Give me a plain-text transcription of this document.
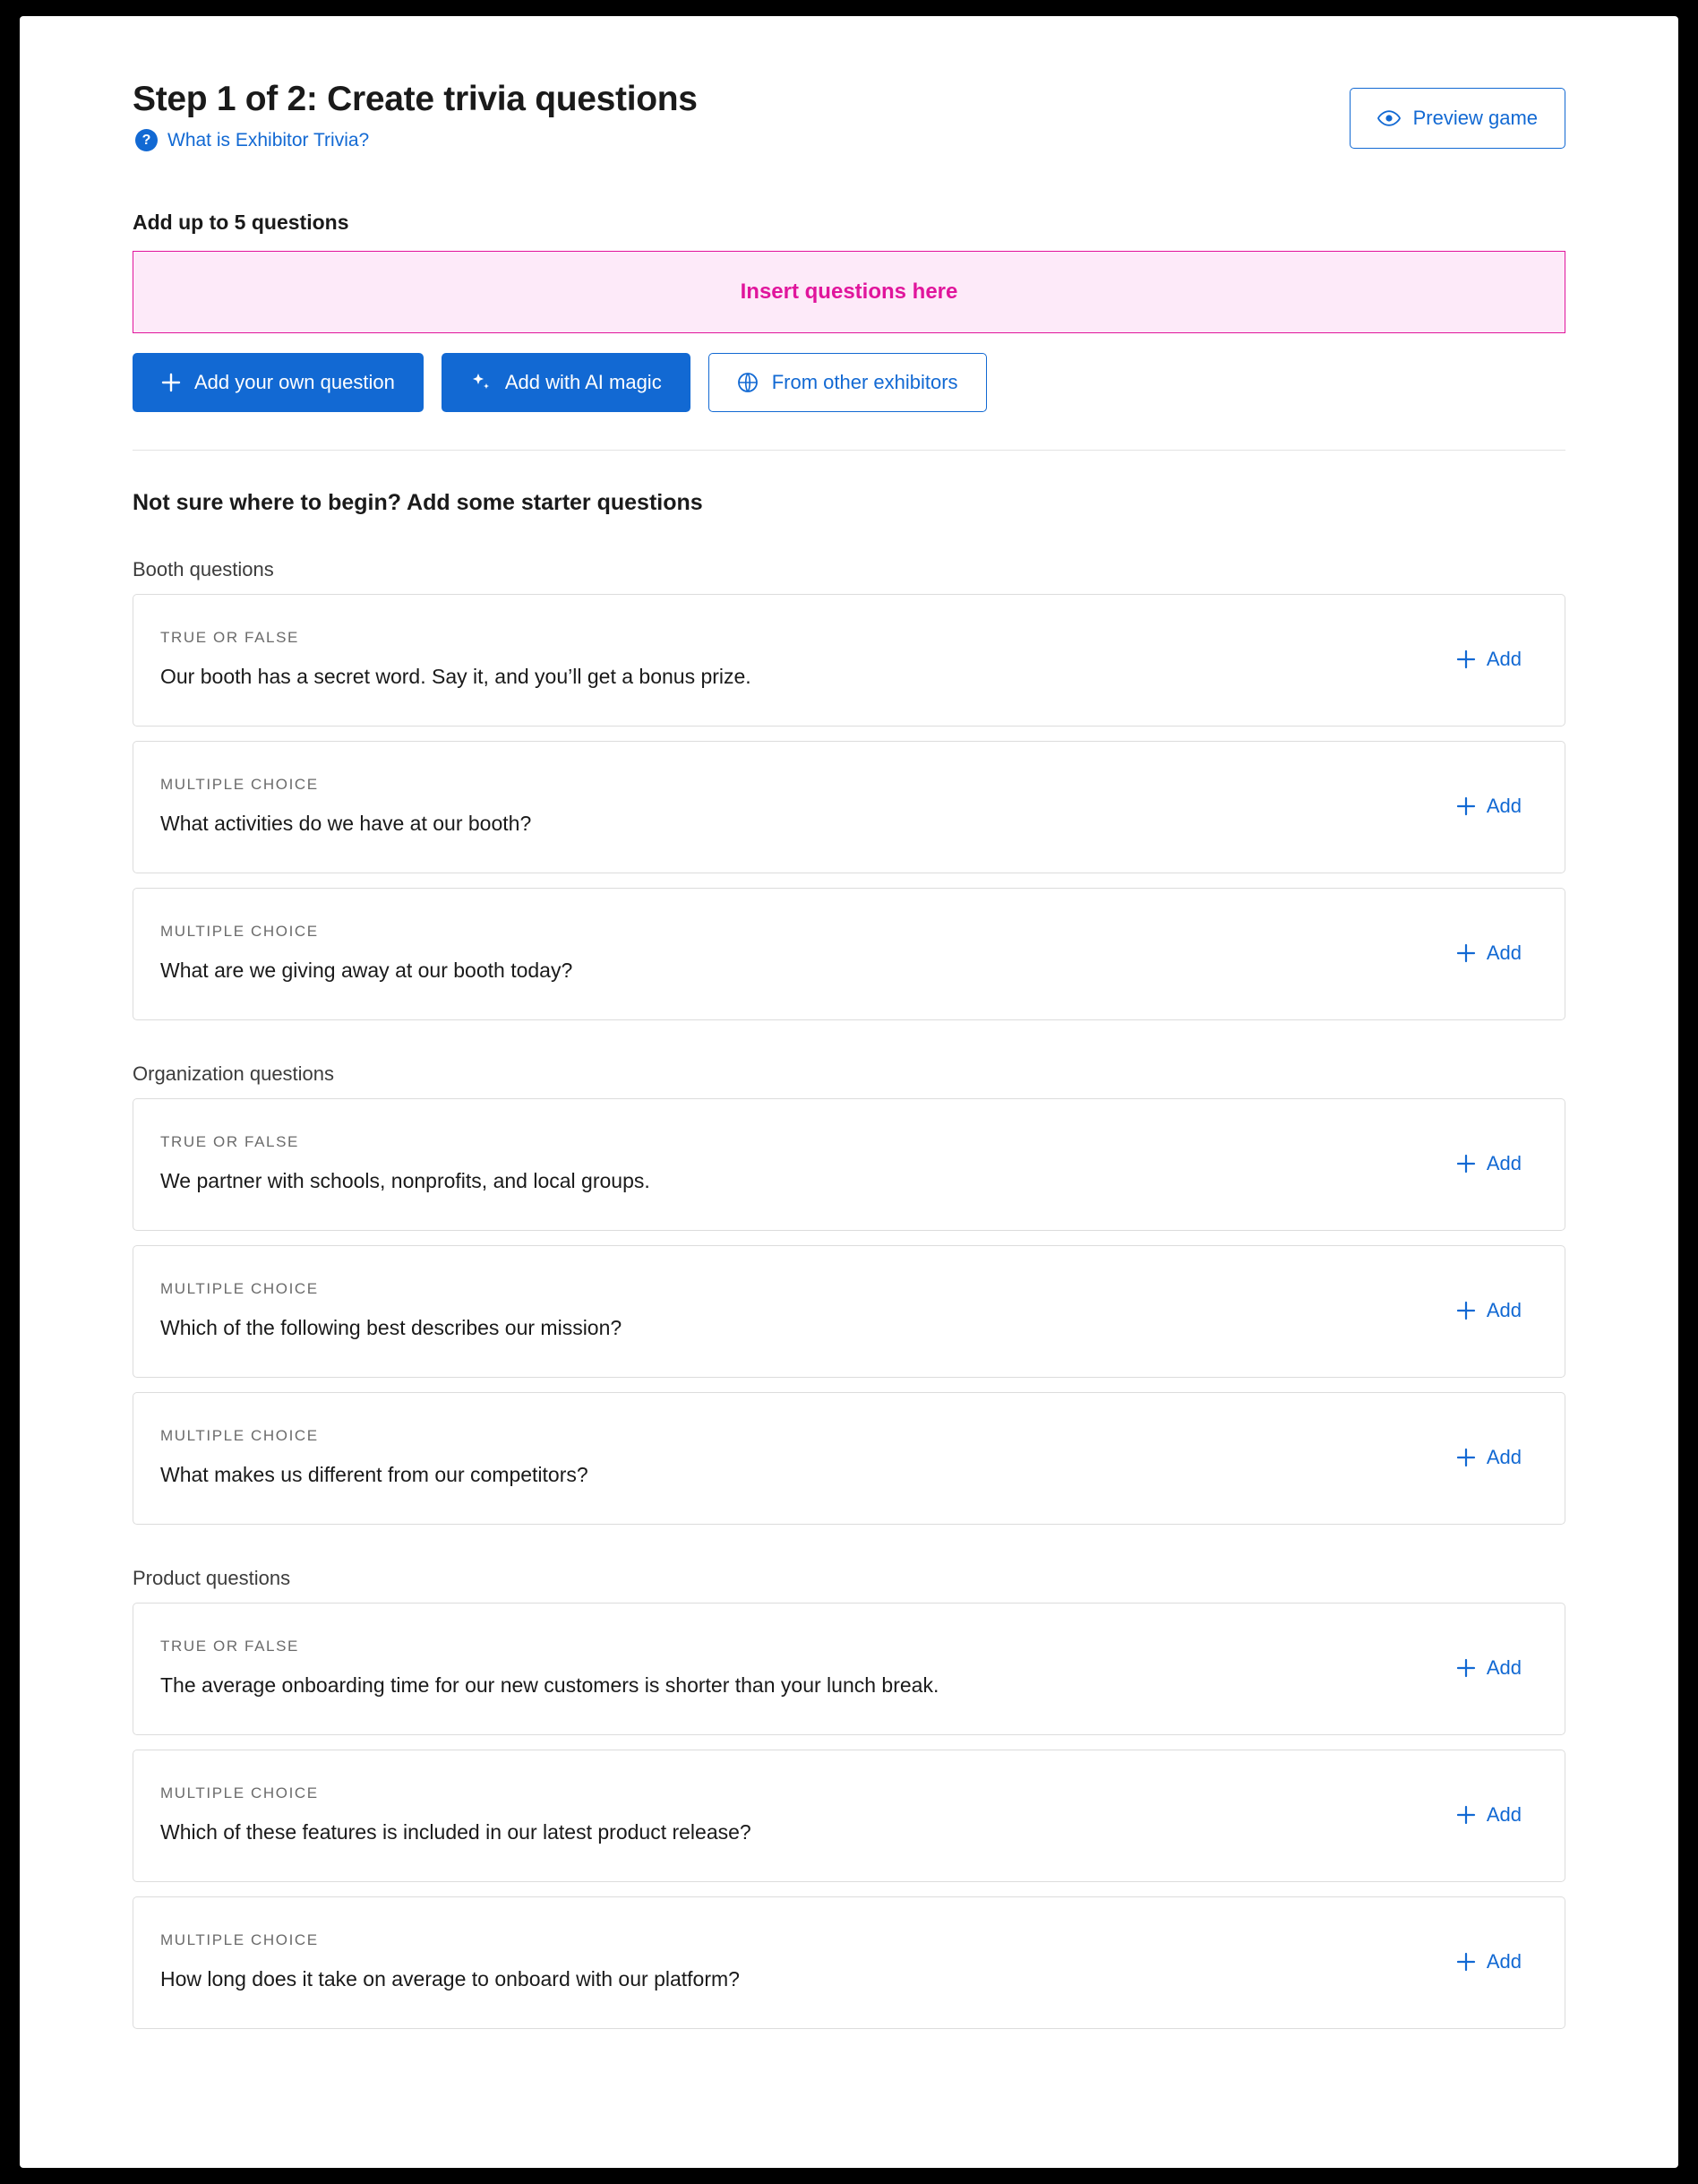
Step 1 of 2: Create trivia questions
? What is Exhibitor Trivia?
Preview game
Add up to 5 questions
Insert questions here
Add your own question	Add with AI magic	From other exhibitors
Not sure where to begin? Add some starter questions
Booth questions
TRUE OR FALSE
Our booth has a secret word. Say it, and you’ll get a bonus prize.
Add
MULTIPLE CHOICE
What activities do we have at our booth?
Add
MULTIPLE CHOICE
What are we giving away at our booth today?
Add
Organization questions
TRUE OR FALSE
We partner with schools, nonprofits, and local groups.
Add
MULTIPLE CHOICE
Which of the following best describes our mission?
Add
MULTIPLE CHOICE
What makes us different from our competitors?
Add
Product questions
TRUE OR FALSE
The average onboarding time for our new customers is shorter than your lunch break.
Add
MULTIPLE CHOICE
Which of these features is included in our latest product release?
Add
MULTIPLE CHOICE
How long does it take on average to onboard with our platform?
Add
